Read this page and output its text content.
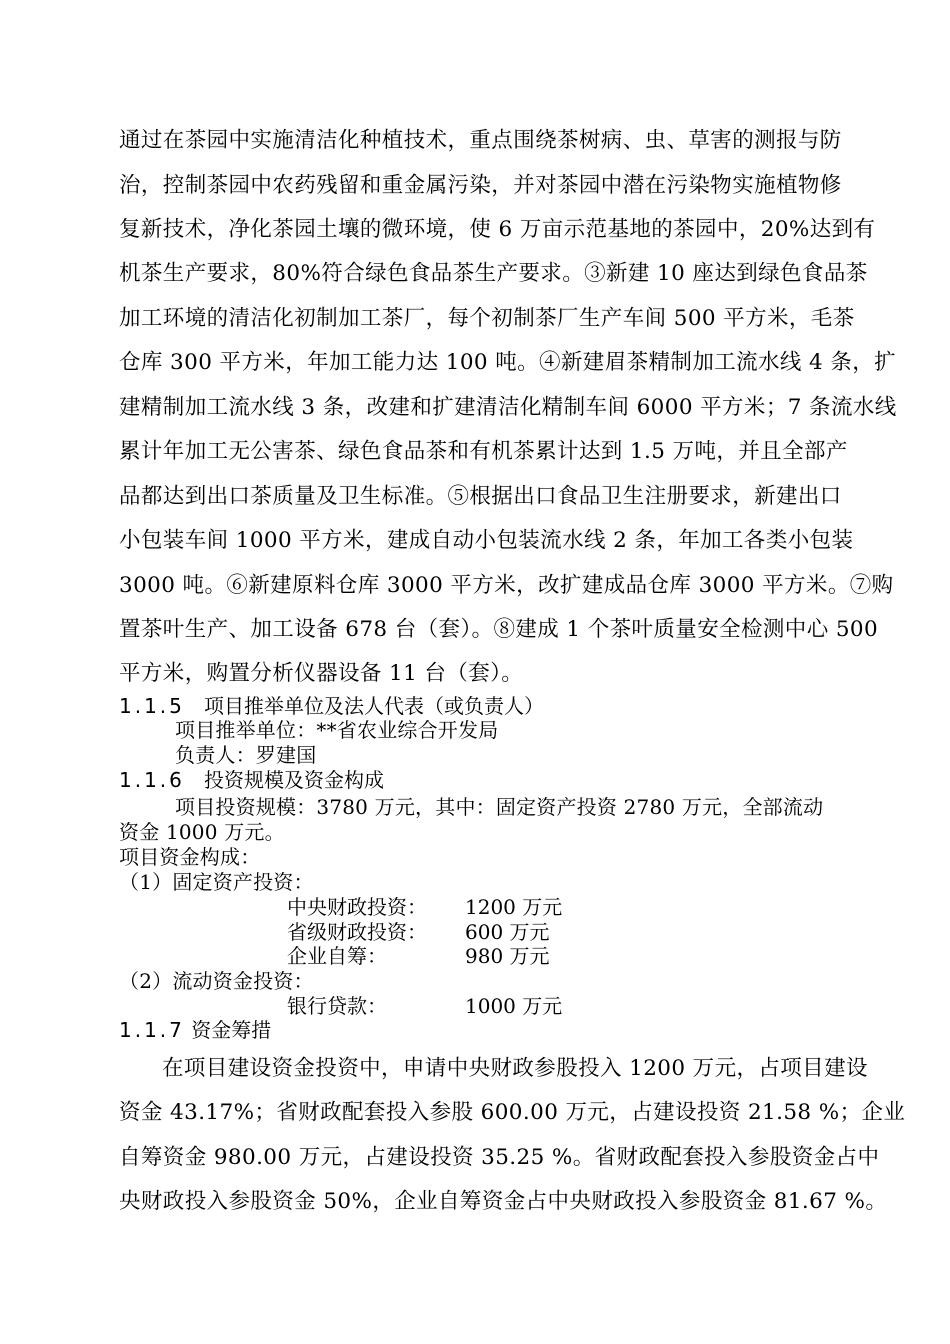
通过在茶园中实施清洁化种植技术，重点围绕茶树病、虫、草害的测报与防
治，控制茶园中农药残留和重金属污染，并对茶园中潜在污染物实施植物修
复新技术，净化茶园土壤的微环境，使 6 万亩示范基地的茶园中，20%达到有
机茶生产要求，80%符合绿色食品茶生产要求。③新建 10 座达到绿色食品茶
加工环境的清洁化初制加工茶厂，每个初制茶厂生产车间 500 平方米，毛茶
仓库 300 平方米，年加工能力达 100 吨。④新建眉茶精制加工流水线 4 条，扩
建精制加工流水线 3 条，改建和扩建清洁化精制车间 6000 平方米；7 条流水线
累计年加工无公害茶、绿色食品茶和有机茶累计达到 1.5 万吨，并且全部产
品都达到出口茶质量及卫生标准。⑤根据出口食品卫生注册要求，新建出口
小包装车间 1000 平方米，建成自动小包装流水线 2 条，年加工各类小包装
3000 吨。⑥新建原料仓库 3000 平方米，改扩建成品仓库 3000 平方米。⑦购
置茶叶生产、加工设备 678 台（套）。⑧建成 1 个茶叶质量安全检测中心 500
平方米，购置分析仪器设备 11 台（套）。
1.1.5 项目推举单位及法人代表（或负责人）
项目推举单位：**省农业综合开发局
负责人：罗建国
1.1.6 投资规模及资金构成
项目投资规模：3780 万元，其中：固定资产投资 2780 万元，全部流动
资金 1000 万元。
项目资金构成：
（1）固定资产投资：
中央财政投资： 1200 万元
省级财政投资： 600 万元
企业自筹：	980 万元
（2）流动资金投资：
银行贷款：	1000 万元
1.1.7 资金筹措
在项目建设资金投资中，申请中央财政参股投入 1200 万元，占项目建设
资金 43.17%；省财政配套投入参股 600.00 万元，占建设投资 21.58 %；企业
自筹资金 980.00 万元，占建设投资 35.25 %。省财政配套投入参股资金占中
央财政投入参股资金 50%，企业自筹资金占中央财政投入参股资金 81.67 %。
